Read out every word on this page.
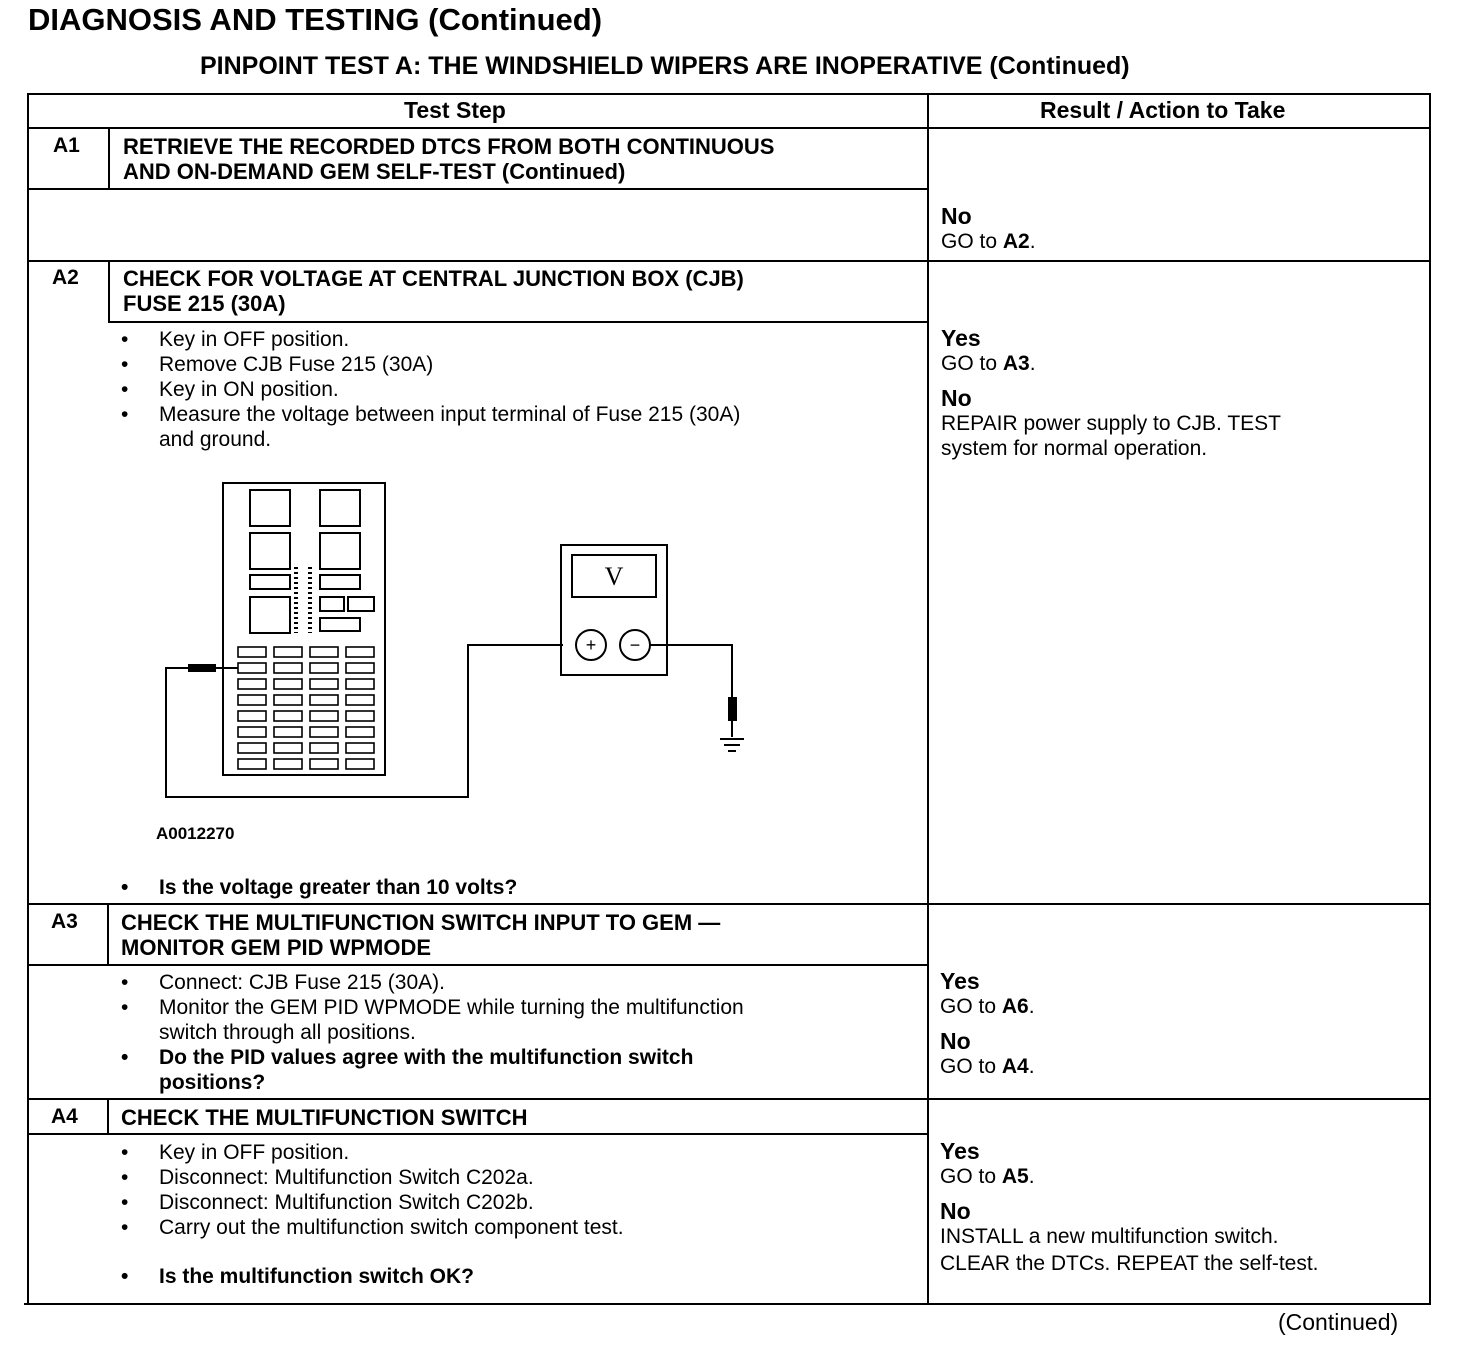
DIAGNOSIS AND TESTING (Continued)
PINPOINT TEST A: THE WINDSHIELD WIPERS ARE INOPERATIVE (Continued)
Test Step	Result / Action to Take
A1 RETRIEVE THE RECORDED DTCS FROM BOTH CONTINUOUS
AND ON-DEMAND GEM SELF-TEST (Continued)
No
GO to A2.
A2 CHECK FOR VOLTAGE AT CENTRAL JUNCTION BOX (CJB)
FUSE 215 (30A)
• Key in OFF position.
• Remove CJB Fuse 215 (30A)
• Key in ON position.
• Measure the voltage between input terminal of Fuse 215 (30A)
and ground.
V
+ −
A0012270
• Is the voltage greater than 10 volts?
Yes
GO to A3.
No
REPAIR power supply to CJB. TEST
system for normal operation.
A3 CHECK THE MULTIFUNCTION SWITCH INPUT TO GEM —
MONITOR GEM PID WPMODE
• Connect: CJB Fuse 215 (30A).
• Monitor the GEM PID WPMODE while turning the multifunction
switch through all positions.
• Do the PID values agree with the multifunction switch
positions?
Yes
GO to A6.
No
GO to A4.
A4 CHECK THE MULTIFUNCTION SWITCH
• Key in OFF position.
• Disconnect: Multifunction Switch C202a.
• Disconnect: Multifunction Switch C202b.
• Carry out the multifunction switch component test.
• Is the multifunction switch OK?
Yes
GO to A5.
No
INSTALL a new multifunction switch.
CLEAR the DTCs. REPEAT the self-test.
(Continued)
